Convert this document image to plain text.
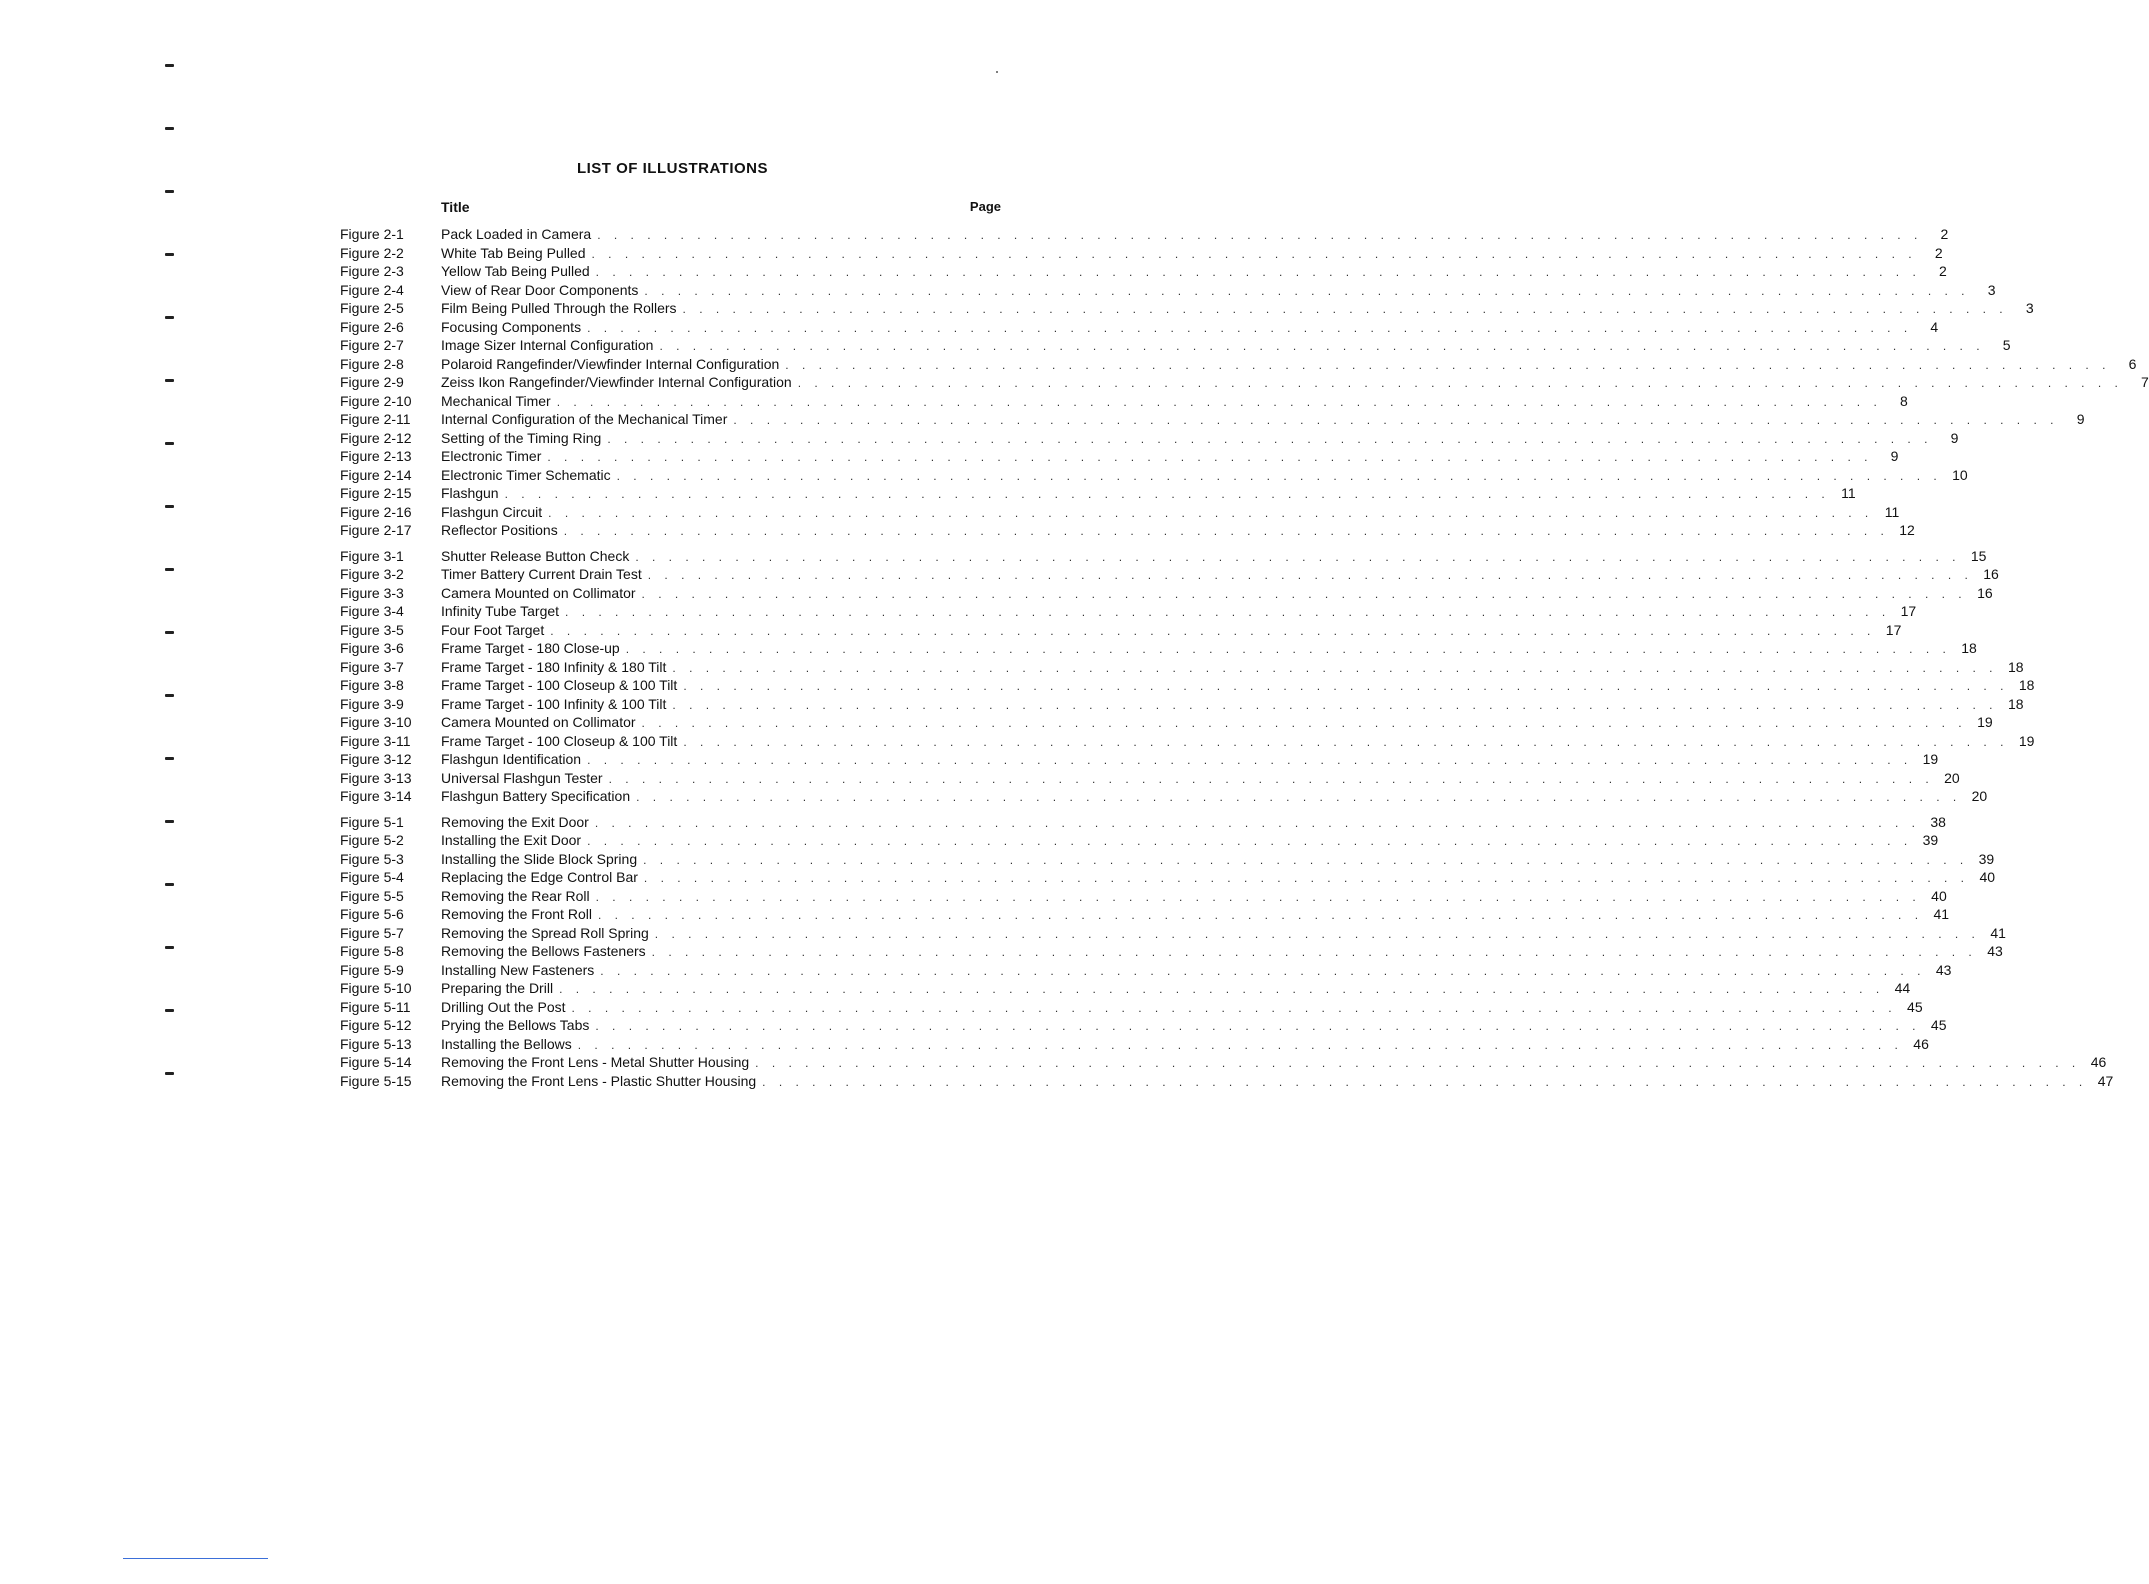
LIST OF ILLUSTRATIONS
Title	Page
Figure 2-1	Pack Loaded in Camera . . . . . . . . . . . . . . . . . . . . . . . . . . . . . . . . . . . . . . . . . . . . . . . . . . . . . . . . . . . . . . . . . . . . . . . . . . . . . . . .	2
Figure 2-2	White Tab Being Pulled . . . . . . . . . . . . . . . . . . . . . . . . . . . . . . . . . . . . . . . . . . . . . . . . . . . . . . . . . . . . . . . . . . . . . . . . . . . . . . . .	2
Figure 2-3	Yellow Tab Being Pulled . . . . . . . . . . . . . . . . . . . . . . . . . . . . . . . . . . . . . . . . . . . . . . . . . . . . . . . . . . . . . . . . . . . . . . . . . . . . . . . .	2
Figure 2-4	View of Rear Door Components . . . . . . . . . . . . . . . . . . . . . . . . . . . . . . . . . . . . . . . . . . . . . . . . . . . . . . . . . . . . . . . . . . . . . . . . . . . . . . . .	3
Figure 2-5	Film Being Pulled Through the Rollers . . . . . . . . . . . . . . . . . . . . . . . . . . . . . . . . . . . . . . . . . . . . . . . . . . . . . . . . . . . . . . . . . . . . . . . . . . . . . . . .	3
Figure 2-6	Focusing Components . . . . . . . . . . . . . . . . . . . . . . . . . . . . . . . . . . . . . . . . . . . . . . . . . . . . . . . . . . . . . . . . . . . . . . . . . . . . . . . .	4
Figure 2-7	Image Sizer Internal Configuration . . . . . . . . . . . . . . . . . . . . . . . . . . . . . . . . . . . . . . . . . . . . . . . . . . . . . . . . . . . . . . . . . . . . . . . . . . . . . . . .	5
Figure 2-8	Polaroid Rangefinder/Viewfinder Internal Configuration . . . . . . . . . . . . . . . . . . . . . . . . . . . . . . . . . . . . . . . . . . . . . . . . . . . . . . . . . . . . . . . . . . . . . . . . . . . . . . . .	6
Figure 2-9	Zeiss Ikon Rangefinder/Viewfinder Internal Configuration . . . . . . . . . . . . . . . . . . . . . . . . . . . . . . . . . . . . . . . . . . . . . . . . . . . . . . . . . . . . . . . . . . . . . . . . . . . . . . . .	7
Figure 2-10	Mechanical Timer . . . . . . . . . . . . . . . . . . . . . . . . . . . . . . . . . . . . . . . . . . . . . . . . . . . . . . . . . . . . . . . . . . . . . . . . . . . . . . . .	8
Figure 2-11	Internal Configuration of the Mechanical Timer . . . . . . . . . . . . . . . . . . . . . . . . . . . . . . . . . . . . . . . . . . . . . . . . . . . . . . . . . . . . . . . . . . . . . . . . . . . . . . . .	9
Figure 2-12	Setting of the Timing Ring . . . . . . . . . . . . . . . . . . . . . . . . . . . . . . . . . . . . . . . . . . . . . . . . . . . . . . . . . . . . . . . . . . . . . . . . . . . . . . . .	9
Figure 2-13	Electronic Timer . . . . . . . . . . . . . . . . . . . . . . . . . . . . . . . . . . . . . . . . . . . . . . . . . . . . . . . . . . . . . . . . . . . . . . . . . . . . . . . .	9
Figure 2-14	Electronic Timer Schematic . . . . . . . . . . . . . . . . . . . . . . . . . . . . . . . . . . . . . . . . . . . . . . . . . . . . . . . . . . . . . . . . . . . . . . . . . . . . . . . . 10
Figure 2-15	Flashgun . . . . . . . . . . . . . . . . . . . . . . . . . . . . . . . . . . . . . . . . . . . . . . . . . . . . . . . . . . . . . . . . . . . . . . . . . . . . . . . . 11
Figure 2-16	Flashgun Circuit . . . . . . . . . . . . . . . . . . . . . . . . . . . . . . . . . . . . . . . . . . . . . . . . . . . . . . . . . . . . . . . . . . . . . . . . . . . . . . . . 11
Figure 2-17	Reflector Positions . . . . . . . . . . . . . . . . . . . . . . . . . . . . . . . . . . . . . . . . . . . . . . . . . . . . . . . . . . . . . . . . . . . . . . . . . . . . . . . . 12
Figure 3-1	Shutter Release Button Check . . . . . . . . . . . . . . . . . . . . . . . . . . . . . . . . . . . . . . . . . . . . . . . . . . . . . . . . . . . . . . . . . . . . . . . . . . . . . . . . 15
Figure 3-2	Timer Battery Current Drain Test . . . . . . . . . . . . . . . . . . . . . . . . . . . . . . . . . . . . . . . . . . . . . . . . . . . . . . . . . . . . . . . . . . . . . . . . . . . . . . . . 16
Figure 3-3	Camera Mounted on Collimator . . . . . . . . . . . . . . . . . . . . . . . . . . . . . . . . . . . . . . . . . . . . . . . . . . . . . . . . . . . . . . . . . . . . . . . . . . . . . . . . 16
Figure 3-4	Infinity Tube Target . . . . . . . . . . . . . . . . . . . . . . . . . . . . . . . . . . . . . . . . . . . . . . . . . . . . . . . . . . . . . . . . . . . . . . . . . . . . . . . . 17
Figure 3-5	Four Foot Target . . . . . . . . . . . . . . . . . . . . . . . . . . . . . . . . . . . . . . . . . . . . . . . . . . . . . . . . . . . . . . . . . . . . . . . . . . . . . . . . 17
Figure 3-6	Frame Target - 180 Close-up . . . . . . . . . . . . . . . . . . . . . . . . . . . . . . . . . . . . . . . . . . . . . . . . . . . . . . . . . . . . . . . . . . . . . . . . . . . . . . . . 18
Figure 3-7	Frame Target - 180 Infinity & 180 Tilt . . . . . . . . . . . . . . . . . . . . . . . . . . . . . . . . . . . . . . . . . . . . . . . . . . . . . . . . . . . . . . . . . . . . . . . . . . . . . . . . 18
Figure 3-8	Frame Target - 100 Closeup & 100 Tilt . . . . . . . . . . . . . . . . . . . . . . . . . . . . . . . . . . . . . . . . . . . . . . . . . . . . . . . . . . . . . . . . . . . . . . . . . . . . . . . . 18
Figure 3-9	Frame Target - 100 Infinity & 100 Tilt . . . . . . . . . . . . . . . . . . . . . . . . . . . . . . . . . . . . . . . . . . . . . . . . . . . . . . . . . . . . . . . . . . . . . . . . . . . . . . . . 18
Figure 3-10	Camera Mounted on Collimator . . . . . . . . . . . . . . . . . . . . . . . . . . . . . . . . . . . . . . . . . . . . . . . . . . . . . . . . . . . . . . . . . . . . . . . . . . . . . . . . 19
Figure 3-11	Frame Target - 100 Closeup & 100 Tilt . . . . . . . . . . . . . . . . . . . . . . . . . . . . . . . . . . . . . . . . . . . . . . . . . . . . . . . . . . . . . . . . . . . . . . . . . . . . . . . . 19
Figure 3-12	Flashgun Identification . . . . . . . . . . . . . . . . . . . . . . . . . . . . . . . . . . . . . . . . . . . . . . . . . . . . . . . . . . . . . . . . . . . . . . . . . . . . . . . . 19
Figure 3-13	Universal Flashgun Tester . . . . . . . . . . . . . . . . . . . . . . . . . . . . . . . . . . . . . . . . . . . . . . . . . . . . . . . . . . . . . . . . . . . . . . . . . . . . . . . . 20
Figure 3-14	Flashgun Battery Specification . . . . . . . . . . . . . . . . . . . . . . . . . . . . . . . . . . . . . . . . . . . . . . . . . . . . . . . . . . . . . . . . . . . . . . . . . . . . . . . . 20
Figure 5-1	Removing the Exit Door . . . . . . . . . . . . . . . . . . . . . . . . . . . . . . . . . . . . . . . . . . . . . . . . . . . . . . . . . . . . . . . . . . . . . . . . . . . . . . . . 38
Figure 5-2	Installing the Exit Door . . . . . . . . . . . . . . . . . . . . . . . . . . . . . . . . . . . . . . . . . . . . . . . . . . . . . . . . . . . . . . . . . . . . . . . . . . . . . . . . 39
Figure 5-3	Installing the Slide Block Spring . . . . . . . . . . . . . . . . . . . . . . . . . . . . . . . . . . . . . . . . . . . . . . . . . . . . . . . . . . . . . . . . . . . . . . . . . . . . . . . . 39
Figure 5-4	Replacing the Edge Control Bar . . . . . . . . . . . . . . . . . . . . . . . . . . . . . . . . . . . . . . . . . . . . . . . . . . . . . . . . . . . . . . . . . . . . . . . . . . . . . . . . 40
Figure 5-5	Removing the Rear Roll . . . . . . . . . . . . . . . . . . . . . . . . . . . . . . . . . . . . . . . . . . . . . . . . . . . . . . . . . . . . . . . . . . . . . . . . . . . . . . . . 40
Figure 5-6	Removing the Front Roll . . . . . . . . . . . . . . . . . . . . . . . . . . . . . . . . . . . . . . . . . . . . . . . . . . . . . . . . . . . . . . . . . . . . . . . . . . . . . . . . 41
Figure 5-7	Removing the Spread Roll Spring . . . . . . . . . . . . . . . . . . . . . . . . . . . . . . . . . . . . . . . . . . . . . . . . . . . . . . . . . . . . . . . . . . . . . . . . . . . . . . . . 41
Figure 5-8	Removing the Bellows Fasteners . . . . . . . . . . . . . . . . . . . . . . . . . . . . . . . . . . . . . . . . . . . . . . . . . . . . . . . . . . . . . . . . . . . . . . . . . . . . . . . . 43
Figure 5-9	Installing New Fasteners . . . . . . . . . . . . . . . . . . . . . . . . . . . . . . . . . . . . . . . . . . . . . . . . . . . . . . . . . . . . . . . . . . . . . . . . . . . . . . . . 43
Figure 5-10	Preparing the Drill . . . . . . . . . . . . . . . . . . . . . . . . . . . . . . . . . . . . . . . . . . . . . . . . . . . . . . . . . . . . . . . . . . . . . . . . . . . . . . . . 44
Figure 5-11	Drilling Out the Post . . . . . . . . . . . . . . . . . . . . . . . . . . . . . . . . . . . . . . . . . . . . . . . . . . . . . . . . . . . . . . . . . . . . . . . . . . . . . . . . 45
Figure 5-12	Prying the Bellows Tabs . . . . . . . . . . . . . . . . . . . . . . . . . . . . . . . . . . . . . . . . . . . . . . . . . . . . . . . . . . . . . . . . . . . . . . . . . . . . . . . . 45
Figure 5-13	Installing the Bellows . . . . . . . . . . . . . . . . . . . . . . . . . . . . . . . . . . . . . . . . . . . . . . . . . . . . . . . . . . . . . . . . . . . . . . . . . . . . . . . . 46
Figure 5-14	Removing the Front Lens - Metal Shutter Housing . . . . . . . . . . . . . . . . . . . . . . . . . . . . . . . . . . . . . . . . . . . . . . . . . . . . . . . . . . . . . . . . . . . . . . . . . . . . . . . . 46
Figure 5-15	Removing the Front Lens - Plastic Shutter Housing . . . . . . . . . . . . . . . . . . . . . . . . . . . . . . . . . . . . . . . . . . . . . . . . . . . . . . . . . . . . . . . . . . . . . . . . . . . . . . . . 47
